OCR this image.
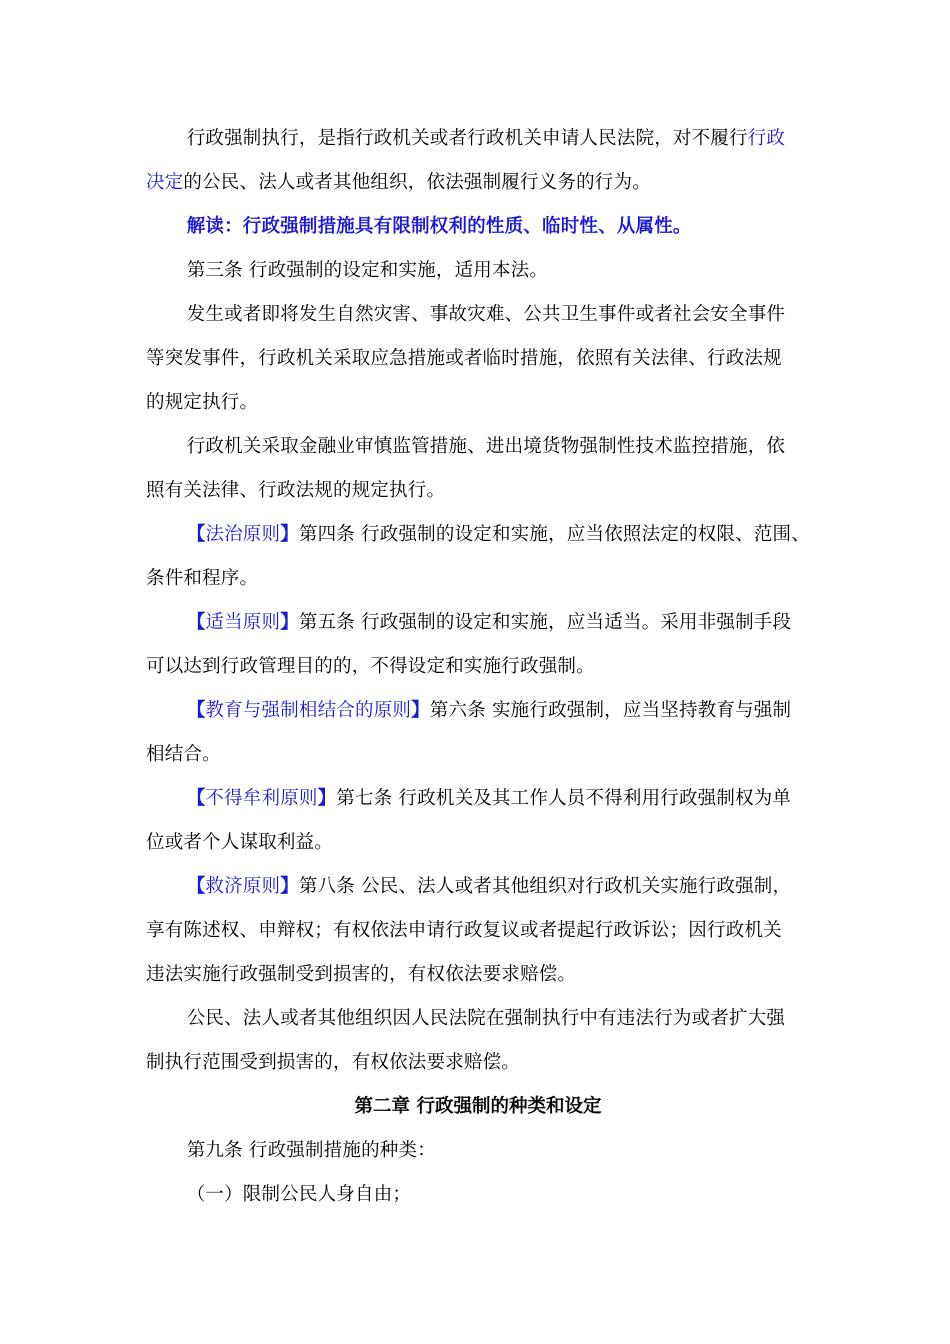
行政强制执行，是指行政机关或者行政机关申请人民法院，对不履行行政
决定的公民、法人或者其他组织，依法强制履行义务的行为。

解读：行政强制措施具有限制权利的性质、临时性、从属性。

第三条 行政强制的设定和实施，适用本法。

发生或者即将发生自然灾害、事故灾难、公共卫生事件或者社会安全事件
等突发事件，行政机关采取应急措施或者临时措施，依照有关法律、行政法规
的规定执行。

行政机关采取金融业审慎监管措施、进出境货物强制性技术监控措施，依
照有关法律、行政法规的规定执行。

【法治原则】第四条 行政强制的设定和实施，应当依照法定的权限、范围、
条件和程序。

【适当原则】第五条 行政强制的设定和实施，应当适当。采用非强制手段
可以达到行政管理目的的，不得设定和实施行政强制。

【教育与强制相结合的原则】第六条 实施行政强制，应当坚持教育与强制
相结合。

【不得牟利原则】第七条 行政机关及其工作人员不得利用行政强制权为单
位或者个人谋取利益。

【救济原则】第八条 公民、法人或者其他组织对行政机关实施行政强制，
享有陈述权、申辩权；有权依法申请行政复议或者提起行政诉讼；因行政机关
违法实施行政强制受到损害的，有权依法要求赔偿。

公民、法人或者其他组织因人民法院在强制执行中有违法行为或者扩大强
制执行范围受到损害的，有权依法要求赔偿。

第二章 行政强制的种类和设定

第九条 行政强制措施的种类：

（一）限制公民人身自由；
